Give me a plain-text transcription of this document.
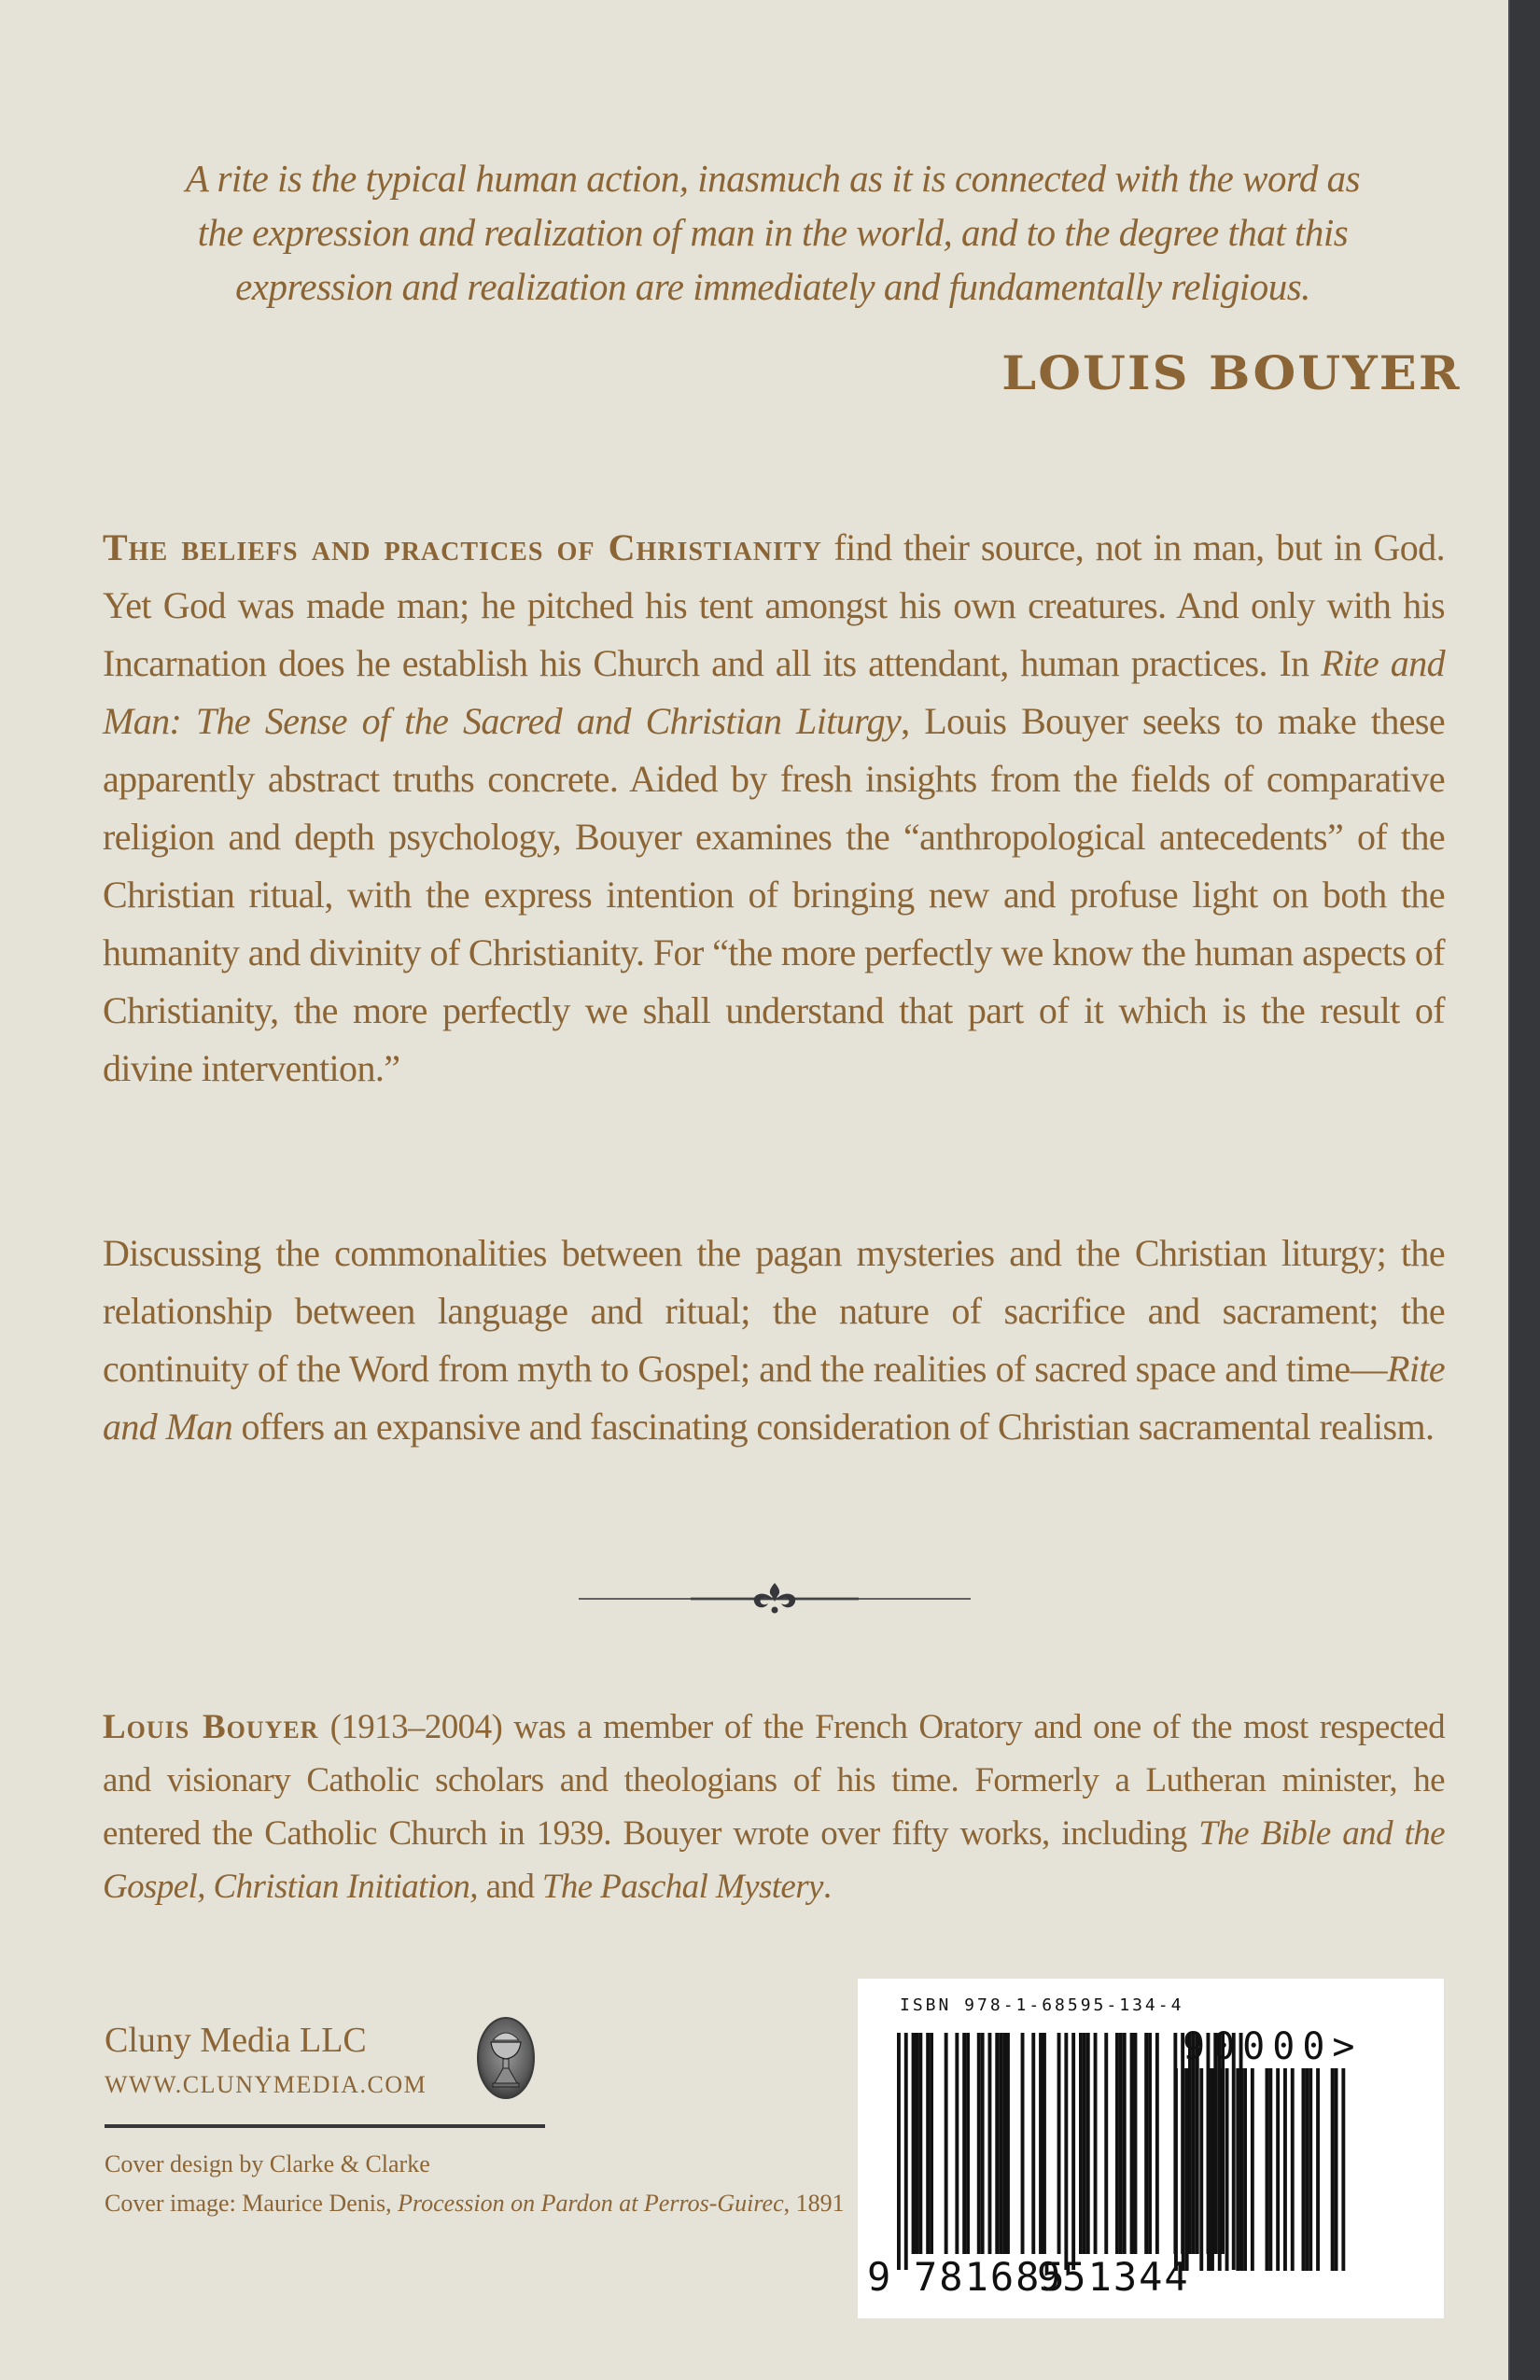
A rite is the typical human action, inasmuch as it is connected with the word as
the expression and realization of man in the world, and to the degree that this
expression and realization are immediately and fundamentally religious.
LOUIS BOUYER
The beliefs and practices of Christianity find their source, not in man, but in God. Yet God was made man; he pitched his tent amongst his own creatures. And only with his Incarnation does he establish his Church and all its attendant, human practices. In Rite and Man: The Sense of the Sacred and Christian Liturgy, Louis Bouyer seeks to make these apparently abstract truths concrete. Aided by fresh insights from the fields of comparative religion and depth psychology, Bouyer examines the “anthropological antecedents” of the Christian ritual, with the express intention of bringing new and profuse light on both the humanity and divinity of Christianity. For “the more perfectly we know the human aspects of Christianity, the more perfectly we shall understand that part of it which is the result of divine intervention.”
Discussing the commonalities between the pagan mysteries and the Christian liturgy; the relationship between language and ritual; the nature of sacrifice and sacrament; the continuity of the Word from myth to Gospel; and the realities of sacred space and time—Rite and Man offers an expansive and fascinating consideration of Christian sacramental realism.
Louis Bouyer (1913–2004) was a member of the French Oratory and one of the most respected and visionary Catholic scholars and theologians of his time. Formerly a Lutheran minister, he entered the Catholic Church in 1939. Bouyer wrote over fifty works, including The Bible and the Gospel, Christian Initiation, and The Paschal Mystery.
Cluny Media LLC
WWW.CLUNYMEDIA.COM
Cover design by Clarke & Clarke
Cover image: Maurice Denis, Procession on Pardon at Perros-Guirec, 1891
ISBN 978-1-68595-134-4
90000>
9 781685
951344
